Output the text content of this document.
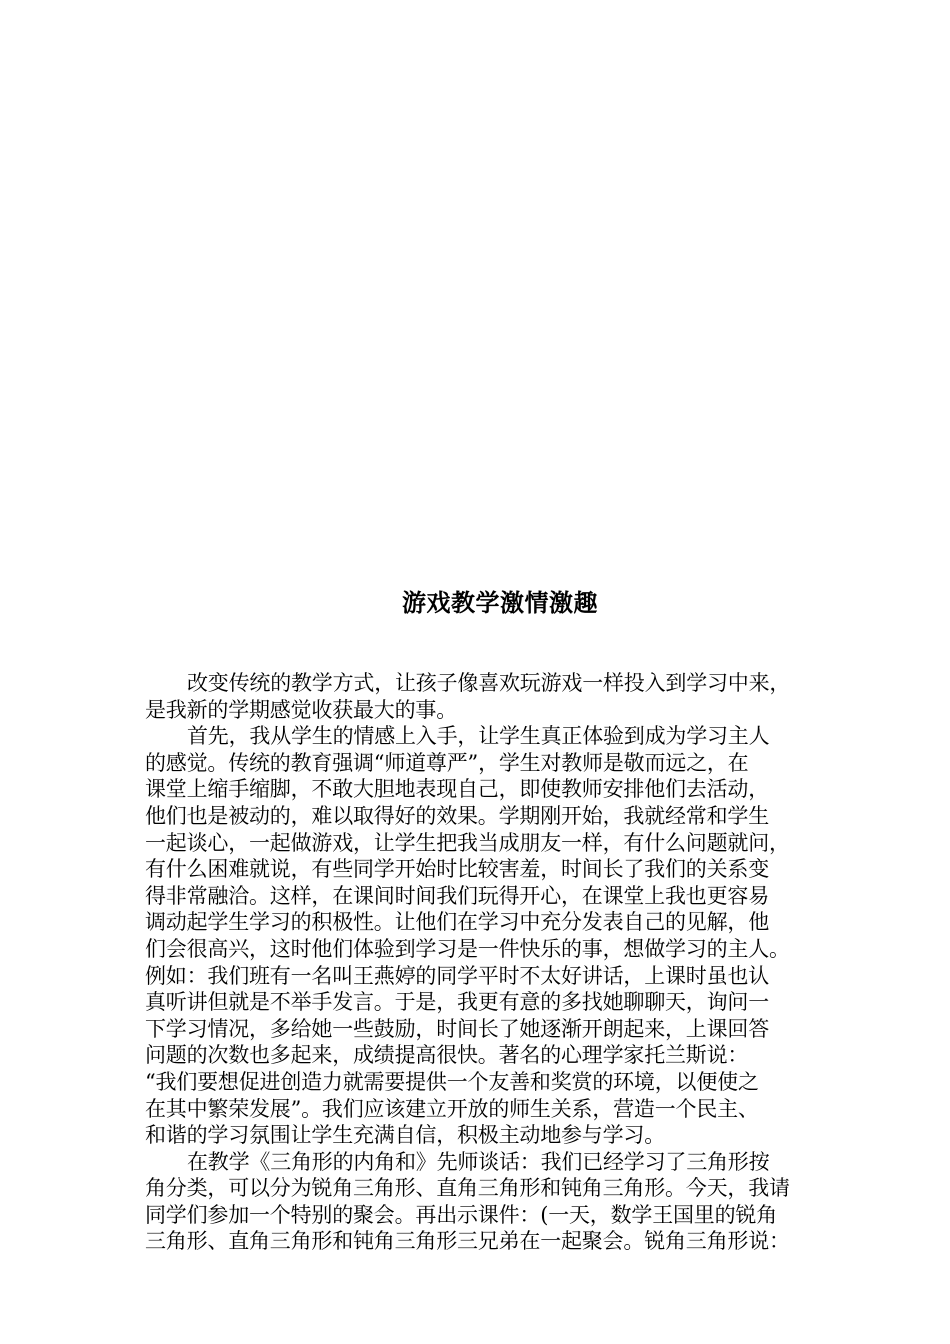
游戏教学激情激趣
改变传统的教学方式，让孩子像喜欢玩游戏一样投入到学习中来，
是我新的学期感觉收获最大的事。
首先，我从学生的情感上入手，让学生真正体验到成为学习主人
的感觉。传统的教育强调“师道尊严”，学生对教师是敬而远之，在
课堂上缩手缩脚，不敢大胆地表现自己，即使教师安排他们去活动，
他们也是被动的，难以取得好的效果。学期刚开始，我就经常和学生
一起谈心，一起做游戏，让学生把我当成朋友一样，有什么问题就问，
有什么困难就说，有些同学开始时比较害羞，时间长了我们的关系变
得非常融洽。这样，在课间时间我们玩得开心，在课堂上我也更容易
调动起学生学习的积极性。让他们在学习中充分发表自己的见解，他
们会很高兴，这时他们体验到学习是一件快乐的事，想做学习的主人。
例如：我们班有一名叫王燕婷的同学平时不太好讲话，上课时虽也认
真听讲但就是不举手发言。于是，我更有意的多找她聊聊天，询问一
下学习情况，多给她一些鼓励，时间长了她逐渐开朗起来，上课回答
问题的次数也多起来，成绩提高很快。著名的心理学家托兰斯说：
“我们要想促进创造力就需要提供一个友善和奖赏的环境，以便使之
在其中繁荣发展”。我们应该建立开放的师生关系，营造一个民主、
和谐的学习氛围让学生充满自信，积极主动地参与学习。
在教学《三角形的内角和》先师谈话：我们已经学习了三角形按
角分类，可以分为锐角三角形、直角三角形和钝角三角形。今天，我请
同学们参加一个特别的聚会。再出示课件：(一天，数学王国里的锐角
三角形、直角三角形和钝角三角形三兄弟在一起聚会。锐角三角形说：
